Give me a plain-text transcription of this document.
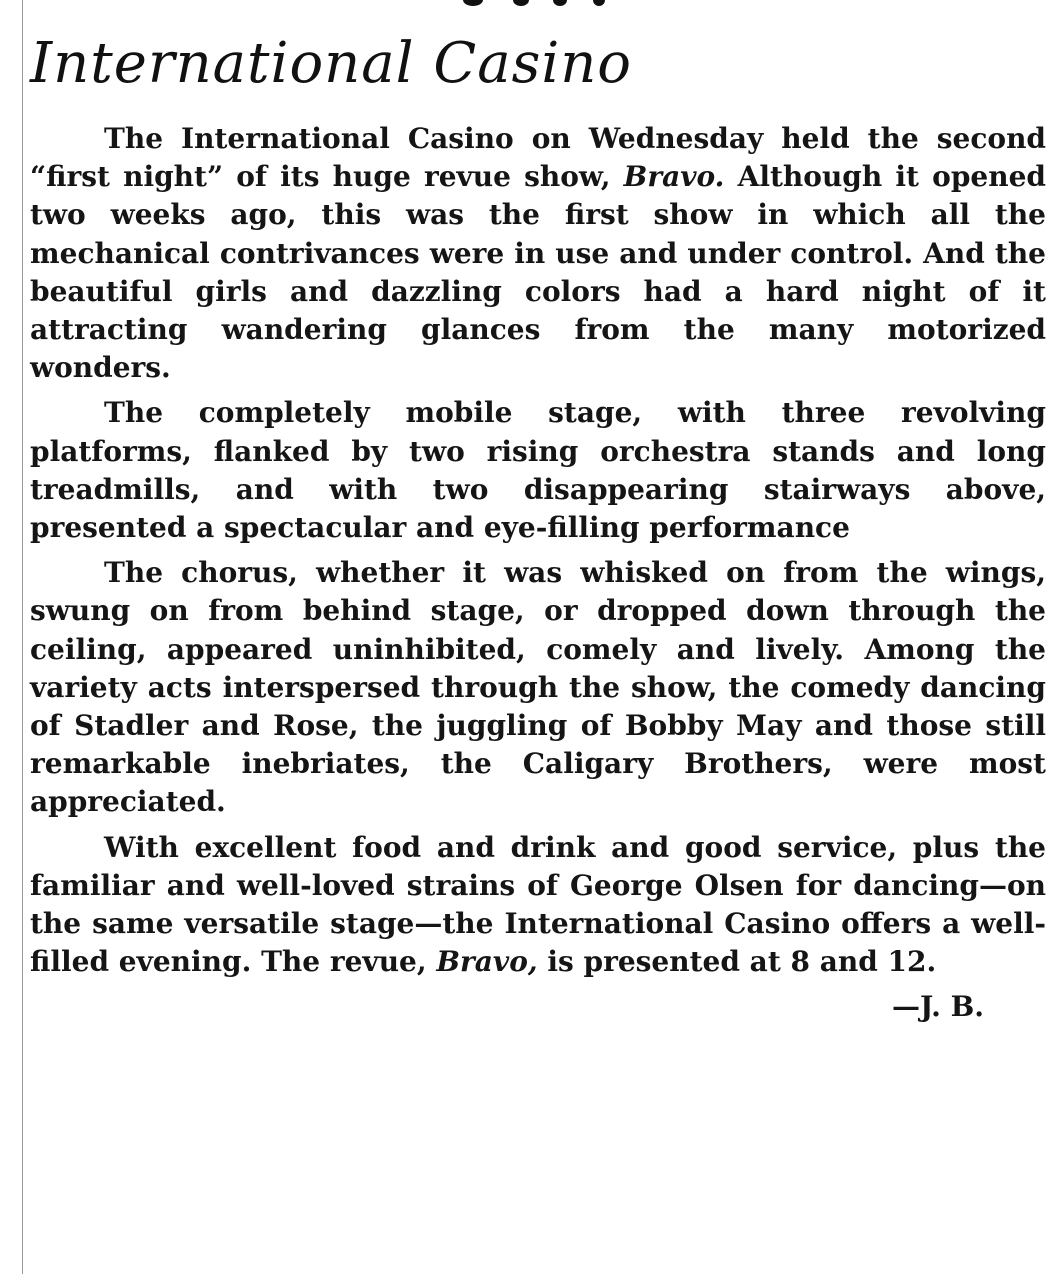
International Casino

The International Casino on Wednesday held the second “first night” of its huge revue show, Bravo. Although it opened two weeks ago, this was the first show in which all the mechanical contrivances were in use and under control. And the beautiful girls and dazzling colors had a hard night of it attracting wandering glances from the many motorized wonders.

The completely mobile stage, with three revolving platforms, flanked by two rising orchestra stands and long treadmills, and with two disappearing stairways above, presented a spectacular and eye-filling performance

The chorus, whether it was whisked on from the wings, swung on from behind stage, or dropped down through the ceiling, appeared uninhibited, comely and lively. Among the variety acts interspersed through the show, the comedy dancing of Stadler and Rose, the juggling of Bobby May and those still remarkable inebriates, the Caligary Brothers, were most appreciated.

With excellent food and drink and good service, plus the familiar and well-loved strains of George Olsen for dancing—on the same versatile stage—the International Casino offers a well-filled evening. The revue, Bravo, is presented at 8 and 12.

—J. B.
